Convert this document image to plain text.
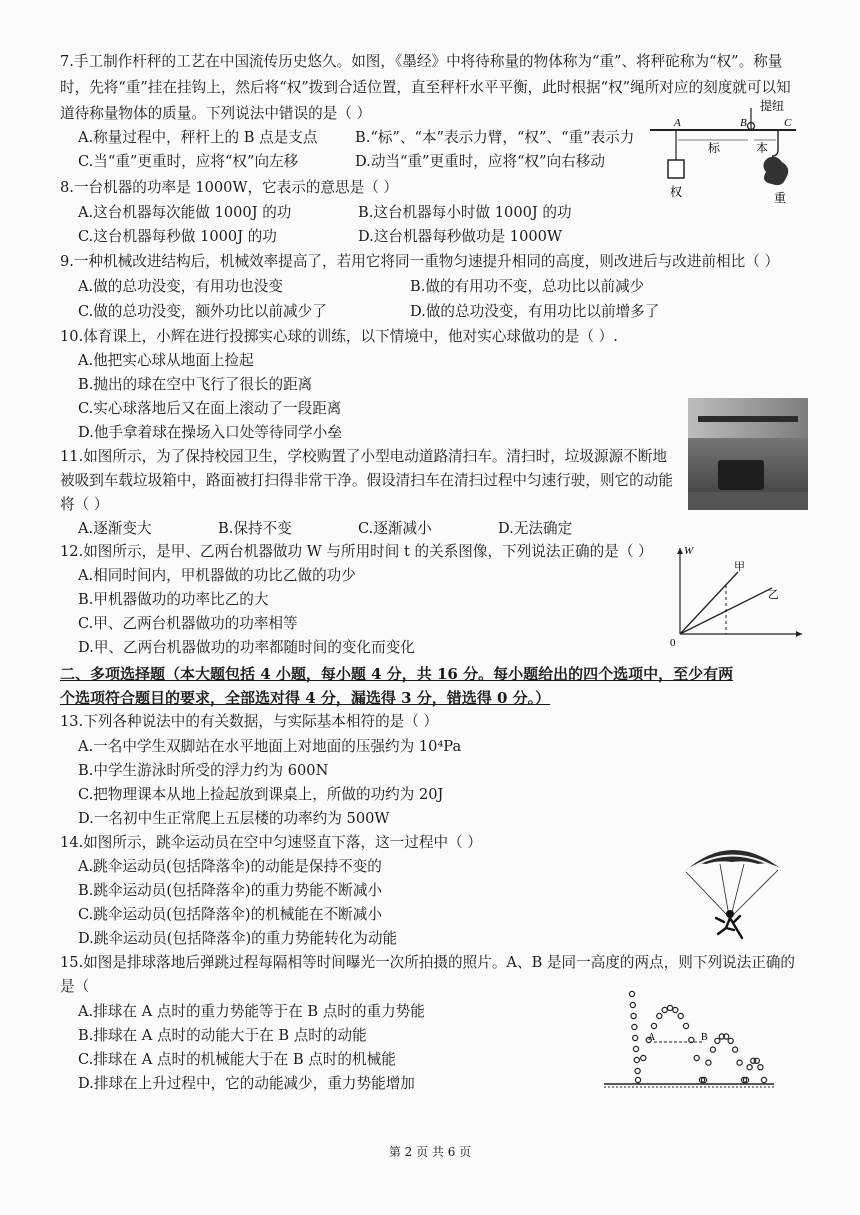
7.手工制作杆秤的工艺在中国流传历史悠久。如图，《墨经》中将待称量的物体称为“重”、将秤砣称为“权”。称量
时，先将“重”挂在挂钩上，然后将“权”拨到合适位置，直至秤杆水平平衡，此时根据“权”绳所对应的刻度就可以知
道待称量物体的质量。下列说法中错误的是（ ）
A.称量过程中，秤杆上的 B 点是支点	B.“标”、“本”表示力臂，“权”、“重”表示力
C.当“重”更重时，应将“权”向左移	D.动当“重”更重时，应将“权”向右移动
A	B	C
提纽
标	本
权	重
8.一台机器的功率是 1000W，它表示的意思是（ ）
A.这台机器每次能做 1000J 的功	B.这台机器每小时做 1000J 的功
C.这台机器每秒做 1000J 的功	D.这台机器每秒做功是 1000W
9.一种机械改进结构后，机械效率提高了，若用它将同一重物匀速提升相同的高度，则改进后与改进前相比（ ）
A.做的总功没变，有用功也没变	B.做的有用功不变，总功比以前减少
C.做的总功没变，额外功比以前减少了	D.做的总功没变，有用功比以前增多了
10.体育课上，小辉在进行投掷实心球的训练，以下情境中，他对实心球做功的是（ ）.
A.他把实心球从地面上捡起
B.抛出的球在空中飞行了很长的距离
C.实心球落地后又在面上滚动了一段距离
D.他手拿着球在操场入口处等待同学小垒
11.如图所示，为了保持校园卫生，学校购置了小型电动道路清扫车。清扫时，垃圾源源不断地
被吸到车载垃圾箱中，路面被打扫得非常干净。假设清扫车在清扫过程中匀速行驶，则它的动能
将（ ）
A.逐渐变大	B.保持不变	C.逐渐减小	D.无法确定
12.如图所示，是甲、乙两台机器做功 W 与所用时间 t 的关系图像，下列说法正确的是（ ）
A.相同时间内，甲机器做的功比乙做的功少
B.甲机器做功的功率比乙的大
C.甲、乙两台机器做功的功率相等
D.甲、乙两台机器做功的功率都随时间的变化而变化
W
0
甲
乙
二、多项选择题（本大题包括 4 小题，每小题 4 分，共 16 分。每小题给出的四个选项中，至少有两
个选项符合题目的要求，全部选对得 4 分，漏选得 3 分，错选得 0 分。）
13.下列各种说法中的有关数据，与实际基本相符的是（ ）
A.一名中学生双脚站在水平地面上对地面的压强约为 10⁴Pa
B.中学生游泳时所受的浮力约为 600N
C.把物理课本从地上捡起放到课桌上，所做的功约为 20J
D.一名初中生正常爬上五层楼的功率约为 500W
14.如图所示，跳伞运动员在空中匀速竖直下落，这一过程中（ ）
A.跳伞运动员(包括降落伞)的动能是保持不变的
B.跳伞运动员(包括降落伞)的重力势能不断减小
C.跳伞运动员(包括降落伞)的机械能在不断减小
D.跳伞运动员(包括降落伞)的重力势能转化为动能
15.如图是排球落地后弹跳过程每隔相等时间曝光一次所拍摄的照片。A、B 是同一高度的两点，则下列说法正确的
是（
A.排球在 A 点时的重力势能等于在 B 点时的重力势能
B.排球在 A 点时的动能大于在 B 点时的动能
C.排球在 A 点时的机械能大于在 B 点时的机械能
D.排球在上升过程中，它的动能减少，重力势能增加
A	B
第 2 页 共 6 页
